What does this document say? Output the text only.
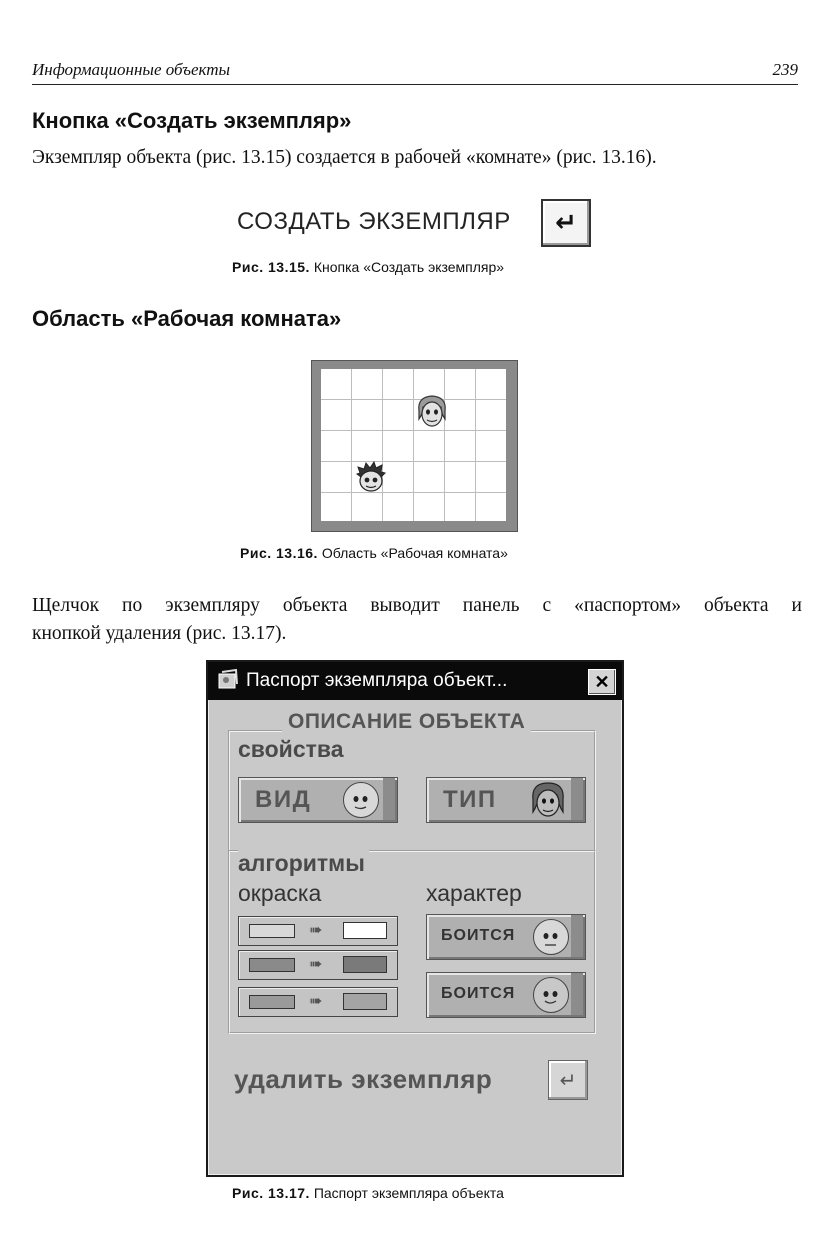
Информационные объекты	239
Кнопка «Создать экземпляр»
Экземпляр объекта (рис. 13.15) создается в рабочей «комнате» (рис. 13.16).
СОЗДАТЬ ЭКЗЕМПЛЯР ↵
Рис. 13.15. Кнопка «Создать экземпляр»
Область «Рабочая комната»
Рис. 13.16. Область «Рабочая комната»
Щелчок по экземпляру объекта выводит панель с «паспортом» объекта и
кнопкой удаления (рис. 13.17).
Паспорт экземпляра объект...	✕
ОПИСАНИЕ ОБЪЕКТА
свойства
ВИД	ТИП
алгоритмы
окраска	характер
➠
➠
➠
БОИТСЯ
БОИТСЯ
удалить экземпляр	↵
Рис. 13.17. Паспорт экземпляра объекта
